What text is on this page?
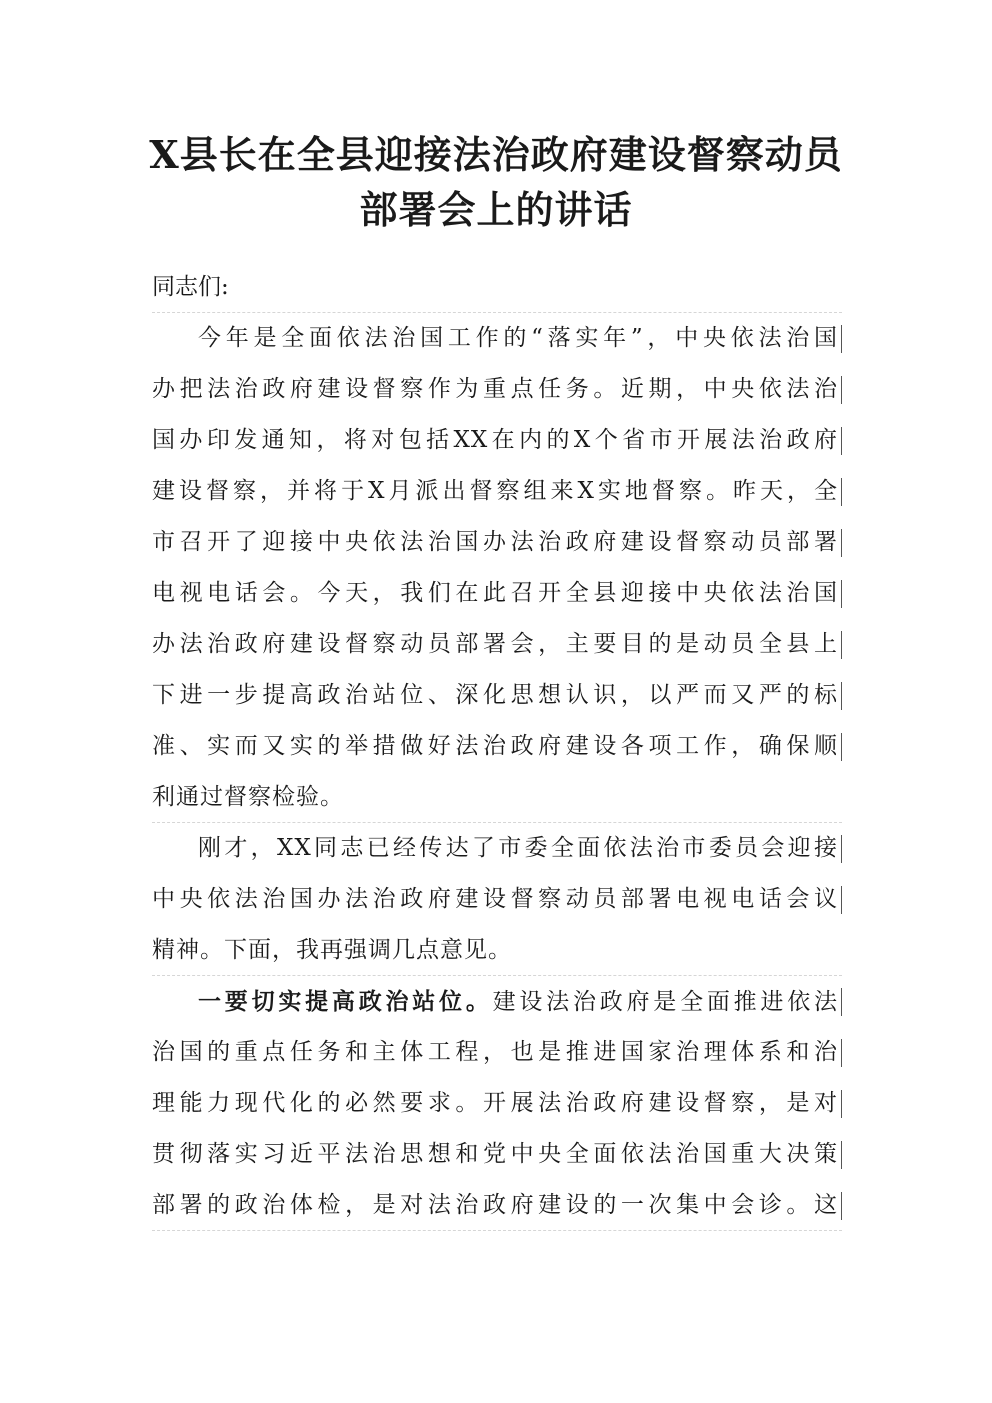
X县长在全县迎接法治政府建设督察动员
部署会上的讲话

同志们:

今年是全面依法治国工作的“落实年”，中央依法治国
办把法治政府建设督察作为重点任务。近期，中央依法治
国办印发通知，将对包括XX在内的X个省市开展法治政府
建设督察，并将于X月派出督察组来X实地督察。昨天，全
市召开了迎接中央依法治国办法治政府建设督察动员部署
电视电话会。今天，我们在此召开全县迎接中央依法治国
办法治政府建设督察动员部署会，主要目的是动员全县上
下进一步提高政治站位、深化思想认识，以严而又严的标
准、实而又实的举措做好法治政府建设各项工作，确保顺
利通过督察检验。
刚才，XX同志已经传达了市委全面依法治市委员会迎接
中央依法治国办法治政府建设督察动员部署电视电话会议
精神。下面，我再强调几点意见。
一要切实提高政治站位。建设法治政府是全面推进依法
治国的重点任务和主体工程，也是推进国家治理体系和治
理能力现代化的必然要求。开展法治政府建设督察，是对
贯彻落实习近平法治思想和党中央全面依法治国重大决策
部署的政治体检，是对法治政府建设的一次集中会诊。这
